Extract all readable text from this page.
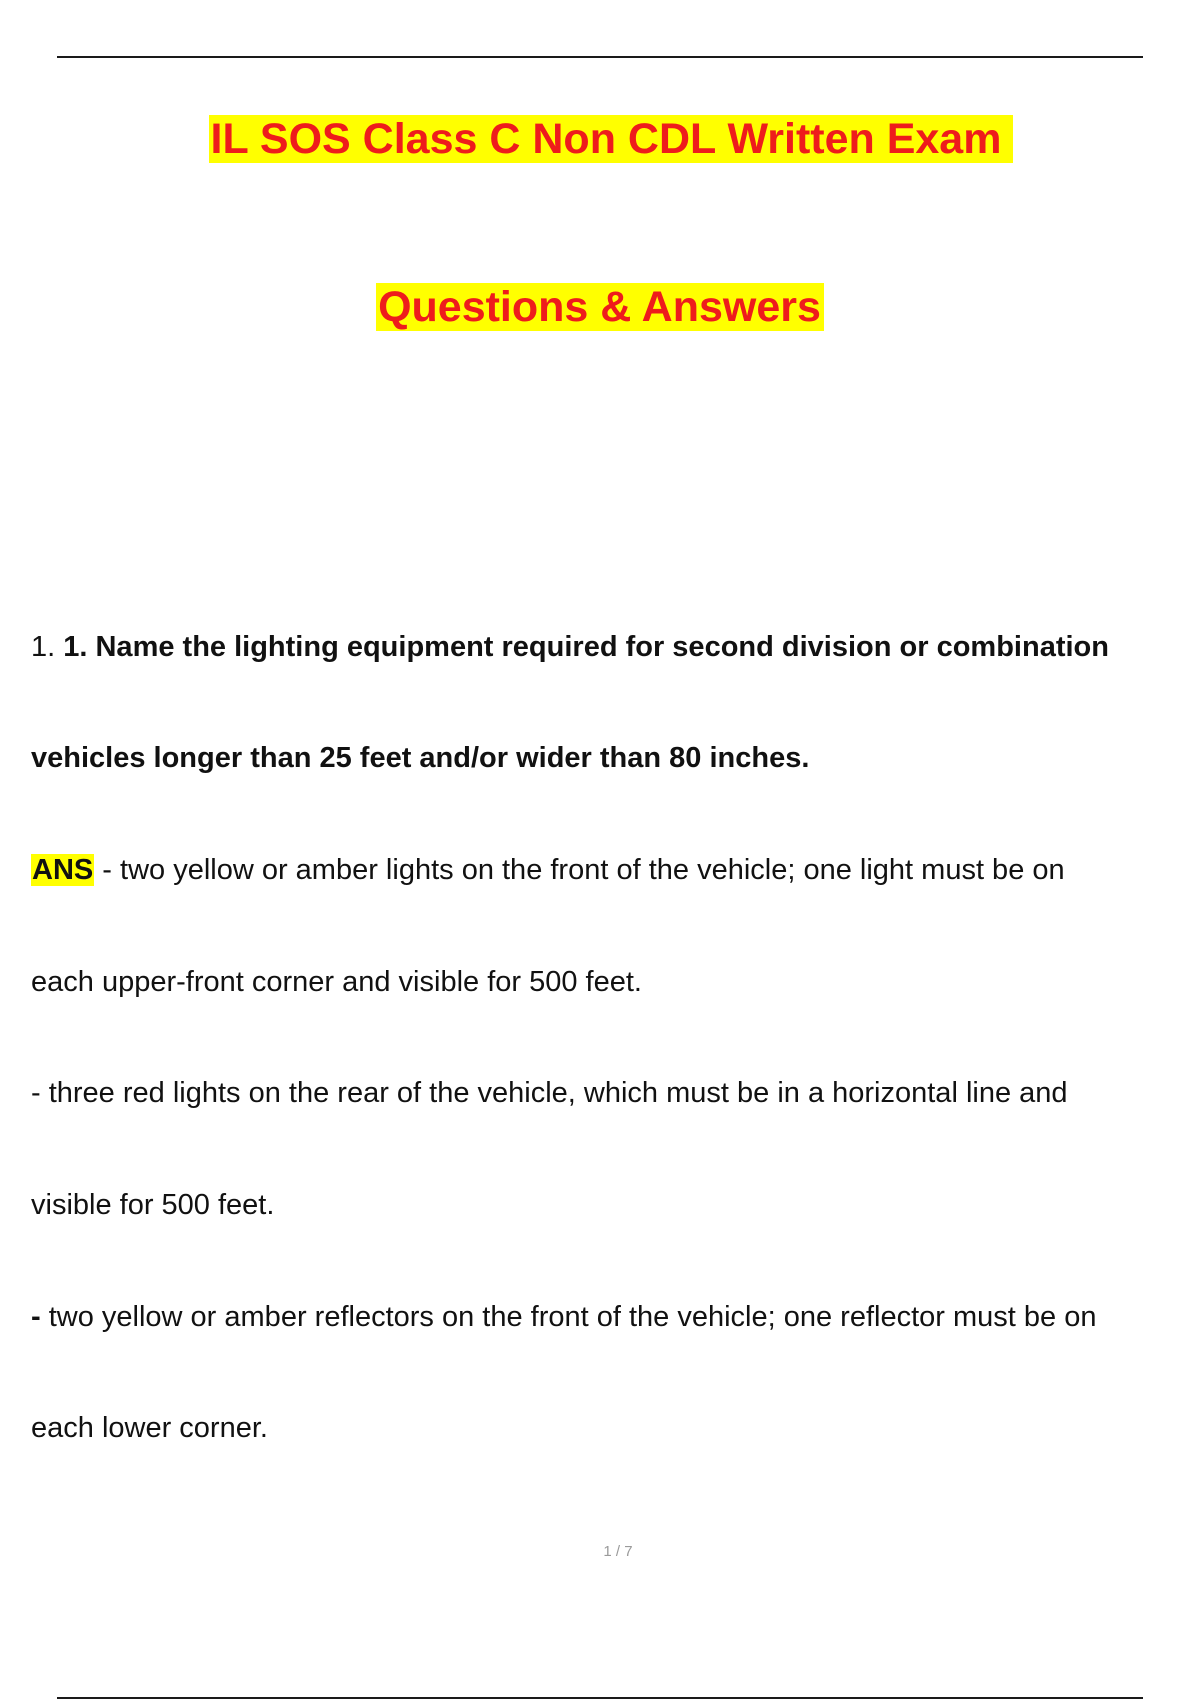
IL SOS Class C Non CDL Written Exam
Questions & Answers
1. 1. Name the lighting equipment required for second division or combination
vehicles longer than 25 feet and/or wider than 80 inches.
ANS - two yellow or amber lights on the front of the vehicle; one light must be on
each upper-front corner and visible for 500 feet.
- three red lights on the rear of the vehicle, which must be in a horizontal line and
visible for 500 feet.
- two yellow or amber reflectors on the front of the vehicle; one reflector must be on
each lower corner.
1 / 7
